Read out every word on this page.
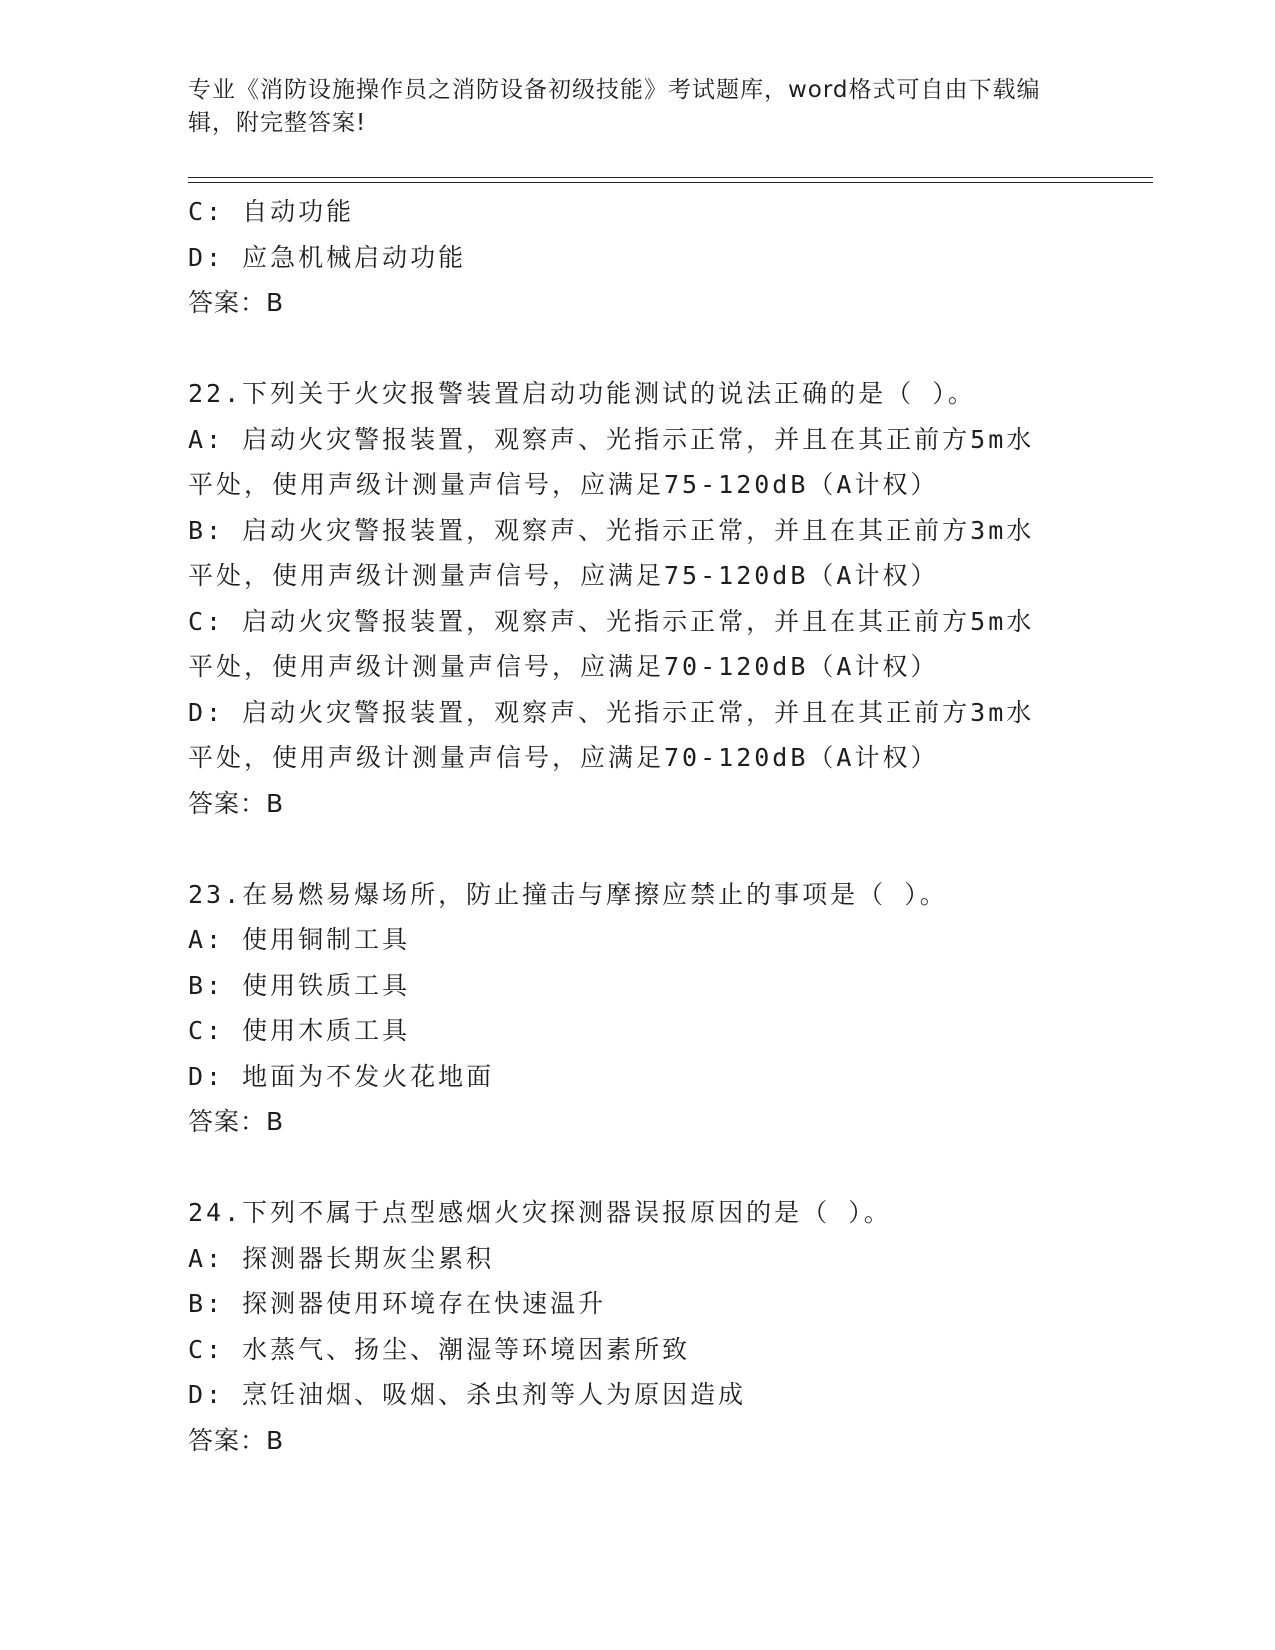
专业《消防设施操作员之消防设备初级技能》考试题库，word格式可自由下载编
辑，附完整答案!
C: 自动功能
D: 应急机械启动功能
答案：B
22.下列关于火灾报警装置启动功能测试的说法正确的是（ ）。
A: 启动火灾警报装置，观察声、光指示正常，并且在其正前方5m水
平处，使用声级计测量声信号，应满足75-120dB（A计权）
B: 启动火灾警报装置，观察声、光指示正常，并且在其正前方3m水
平处，使用声级计测量声信号，应满足75-120dB（A计权）
C: 启动火灾警报装置，观察声、光指示正常，并且在其正前方5m水
平处，使用声级计测量声信号，应满足70-120dB（A计权）
D: 启动火灾警报装置，观察声、光指示正常，并且在其正前方3m水
平处，使用声级计测量声信号，应满足70-120dB（A计权）
答案：B
23.在易燃易爆场所，防止撞击与摩擦应禁止的事项是（ ）。
A: 使用铜制工具
B: 使用铁质工具
C: 使用木质工具
D: 地面为不发火花地面
答案：B
24.下列不属于点型感烟火灾探测器误报原因的是（ ）。
A: 探测器长期灰尘累积
B: 探测器使用环境存在快速温升
C: 水蒸气、扬尘、潮湿等环境因素所致
D: 烹饪油烟、吸烟、杀虫剂等人为原因造成
答案：B
